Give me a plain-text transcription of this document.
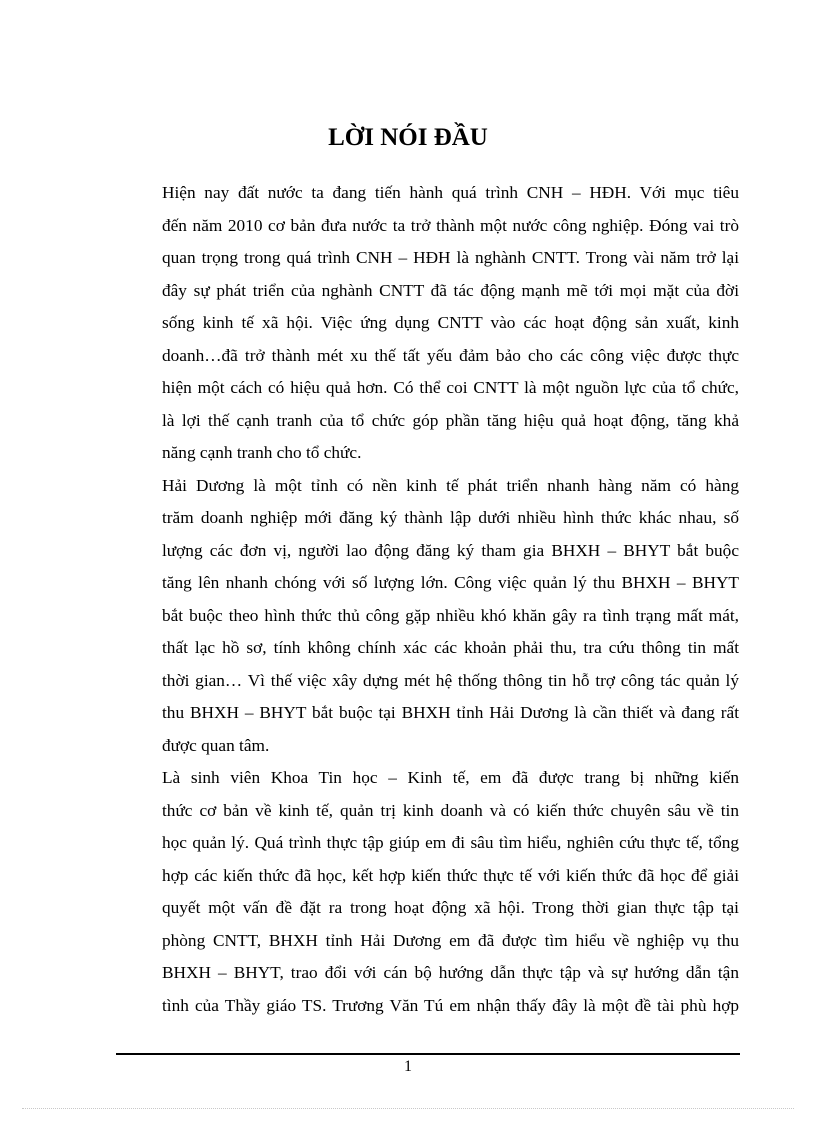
LỜI NÓI ĐẦU

Hiện nay đất nước ta đang tiến hành quá trình CNH – HĐH. Với mục tiêu
đến năm 2010 cơ bản đưa nước ta trở thành một nước công nghiệp. Đóng vai trò
quan trọng trong quá trình CNH – HĐH là nghành CNTT. Trong vài năm trở lại
đây sự phát triển của nghành CNTT đã tác động mạnh mẽ tới mọi mặt của đời
sống kinh tế xã hội. Việc ứng dụng CNTT vào các hoạt động sản xuất, kinh
doanh…đã trở thành mét xu thế tất yếu đảm bảo cho các công việc được thực
hiện một cách có hiệu quả hơn. Có thể coi CNTT là một nguồn lực của tổ chức,
là lợi thế cạnh tranh của tổ chức góp phần tăng hiệu quả hoạt động, tăng khả
năng cạnh tranh cho tổ chức.

Hải Dương là một tỉnh có nền kinh tế phát triển nhanh hàng năm có hàng
trăm doanh nghiệp mới đăng ký thành lập dưới nhiều hình thức khác nhau, số
lượng các đơn vị, người lao động đăng ký tham gia BHXH – BHYT bắt buộc
tăng lên nhanh chóng với số lượng lớn. Công việc quản lý thu BHXH – BHYT
bắt buộc theo hình thức thủ công gặp nhiều khó khăn gây ra tình trạng mất mát,
thất lạc hồ sơ, tính không chính xác các khoản phải thu, tra cứu thông tin mất
thời gian… Vì thế việc xây dựng mét hệ thống thông tin hỗ trợ công tác quản lý
thu BHXH – BHYT bắt buộc tại BHXH tỉnh Hải Dương là cần thiết và đang rất
được quan tâm.

Là sinh viên Khoa Tin học – Kinh tế, em đã được trang bị những kiến
thức cơ bản về kinh tế, quản trị kinh doanh và có kiến thức chuyên sâu về tin
học quản lý. Quá trình thực tập giúp em đi sâu tìm hiểu, nghiên cứu thực tế, tổng
hợp các kiến thức đã học, kết hợp kiến thức thực tế với kiến thức đã học để giải
quyết một vấn đề đặt ra trong hoạt động xã hội. Trong thời gian thực tập tại
phòng CNTT, BHXH tỉnh Hải Dương em đã được tìm hiểu về nghiệp vụ thu
BHXH – BHYT, trao đổi với cán bộ hướng dẫn thực tập và sự hướng dẫn tận
tình của Thầy giáo TS. Trương Văn Tú em nhận thấy đây là một đề tài phù hợp

1
